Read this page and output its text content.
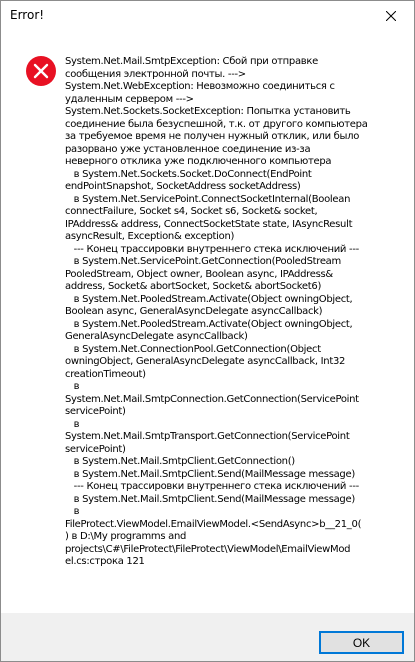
Error!
System.Net.Mail.SmtpException: Сбой при отправке
сообщения электронной почты. --->
System.Net.WebException: Невозможно соединиться с
удаленным сервером --->
System.Net.Sockets.SocketException: Попытка установить
соединение была безуспешной, т.к. от другого компьютера
за требуемое время не получен нужный отклик, или было
разорвано уже установленное соединение из-за
неверного отклика уже подключенного компьютера
в System.Net.Sockets.Socket.DoConnect(EndPoint
endPointSnapshot, SocketAddress socketAddress)
в System.Net.ServicePoint.ConnectSocketInternal(Boolean
connectFailure, Socket s4, Socket s6, Socket& socket,
IPAddress& address, ConnectSocketState state, IAsyncResult
asyncResult, Exception& exception)
--- Конец трассировки внутреннего стека исключений ---
в System.Net.ServicePoint.GetConnection(PooledStream
PooledStream, Object owner, Boolean async, IPAddress&
address, Socket& abortSocket, Socket& abortSocket6)
в System.Net.PooledStream.Activate(Object owningObject,
Boolean async, GeneralAsyncDelegate asyncCallback)
в System.Net.PooledStream.Activate(Object owningObject,
GeneralAsyncDelegate asyncCallback)
в System.Net.ConnectionPool.GetConnection(Object
owningObject, GeneralAsyncDelegate asyncCallback, Int32
creationTimeout)
в
System.Net.Mail.SmtpConnection.GetConnection(ServicePoint
servicePoint)
в
System.Net.Mail.SmtpTransport.GetConnection(ServicePoint
servicePoint)
в System.Net.Mail.SmtpClient.GetConnection()
в System.Net.Mail.SmtpClient.Send(MailMessage message)
--- Конец трассировки внутреннего стека исключений ---
в System.Net.Mail.SmtpClient.Send(MailMessage message)
в
FileProtect.ViewModel.EmailViewModel.<SendAsync>b__21_0(
) в D:\My programms and
projects\C#\FileProtect\FileProtect\ViewModel\EmailViewMod
el.cs:строка 121
OK
